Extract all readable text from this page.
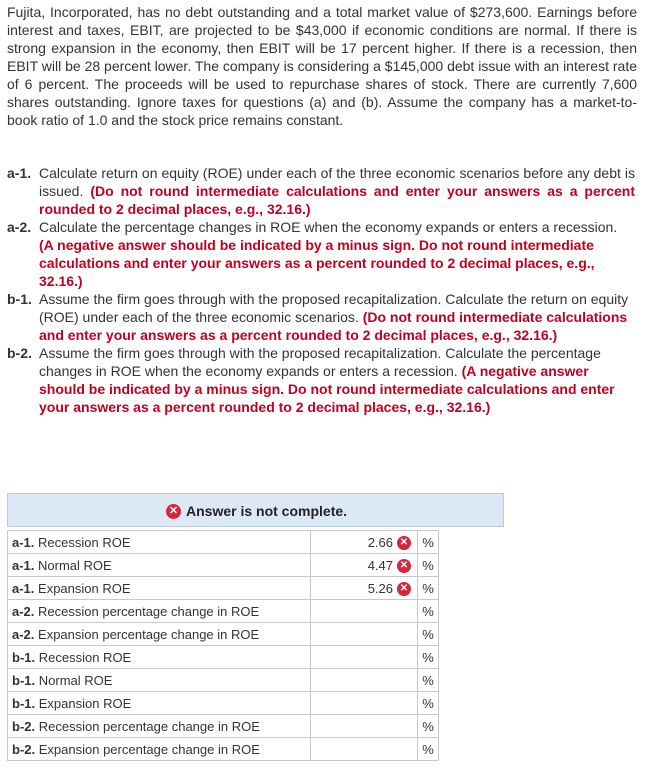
Fujita, Incorporated, has no debt outstanding and a total market value of $273,600. Earnings before interest and taxes, EBIT, are projected to be $43,000 if economic conditions are normal. If there is strong expansion in the economy, then EBIT will be 17 percent higher. If there is a recession, then EBIT will be 28 percent lower. The company is considering a $145,000 debt issue with an interest rate of 6 percent. The proceeds will be used to repurchase shares of stock. There are currently 7,600 shares outstanding. Ignore taxes for questions (a) and (b). Assume the company has a market-to-book ratio of 1.0 and the stock price remains constant.

a-1. Calculate return on equity (ROE) under each of the three economic scenarios before any debt is issued. (Do not round intermediate calculations and enter your answers as a percent rounded to 2 decimal places, e.g., 32.16.)
a-2. Calculate the percentage changes in ROE when the economy expands or enters a recession. (A negative answer should be indicated by a minus sign. Do not round intermediate calculations and enter your answers as a percent rounded to 2 decimal places, e.g., 32.16.)
b-1. Assume the firm goes through with the proposed recapitalization. Calculate the return on equity (ROE) under each of the three economic scenarios. (Do not round intermediate calculations and enter your answers as a percent rounded to 2 decimal places, e.g., 32.16.)
b-2. Assume the firm goes through with the proposed recapitalization. Calculate the percentage changes in ROE when the economy expands or enters a recession. (A negative answer should be indicated by a minus sign. Do not round intermediate calculations and enter your answers as a percent rounded to 2 decimal places, e.g., 32.16.)
✕ Answer is not complete.
a-1. Recession ROE	2.66 ✕	%
a-1. Normal ROE	4.47 ✕	%
a-1. Expansion ROE	5.26 ✕	%
a-2. Recession percentage change in ROE		%
a-2. Expansion percentage change in ROE		%
b-1. Recession ROE		%
b-1. Normal ROE		%
b-1. Expansion ROE		%
b-2. Recession percentage change in ROE		%
b-2. Expansion percentage change in ROE		%
